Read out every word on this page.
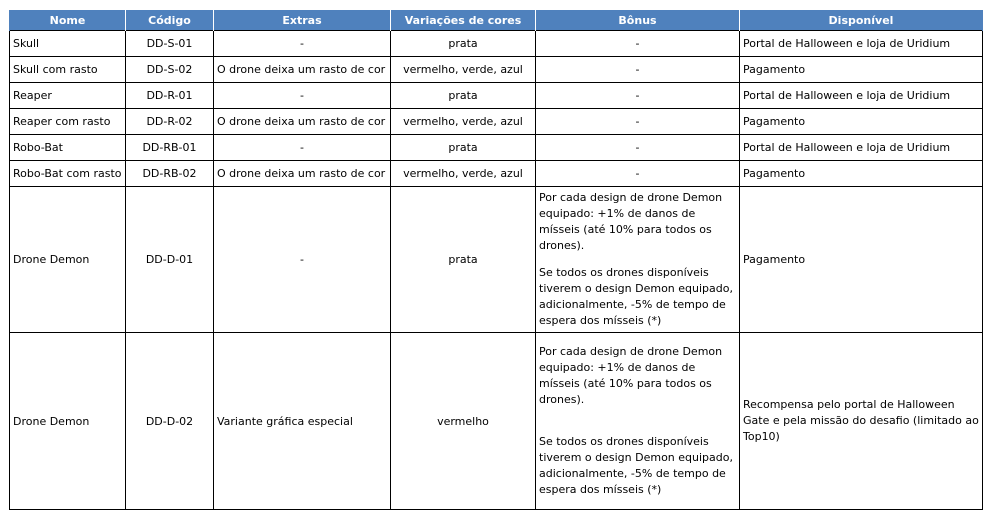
Nome	Código	Extras	Variações de cores	Bônus	Disponível
Skull	DD-S-01	-	prata	-	Portal de Halloween e loja de Uridium
Skull com rasto	DD-S-02	O drone deixa um rasto de cor	vermelho, verde, azul	-	Pagamento
Reaper	DD-R-01	-	prata	-	Portal de Halloween e loja de Uridium
Reaper com rasto	DD-R-02	O drone deixa um rasto de cor	vermelho, verde, azul	-	Pagamento
Robo-Bat	DD-RB-01	-	prata	-	Portal de Halloween e loja de Uridium
Robo-Bat com rasto	DD-RB-02	O drone deixa um rasto de cor	vermelho, verde, azul	-	Pagamento
Drone Demon	DD-D-01	-	prata	Por cada design de drone Demon equipado: +1% de danos de mísseis (até 10% para todos os drones).

Se todos os drones disponíveis tiverem o design Demon equipado, adicionalmente, -5% de tempo de espera dos mísseis (*)	Pagamento
Drone Demon	DD-D-02	Variante gráfica especial	vermelho	Por cada design de drone Demon equipado: +1% de danos de mísseis (até 10% para todos os drones).

Se todos os drones disponíveis tiverem o design Demon equipado, adicionalmente, -5% de tempo de espera dos mísseis (*)	Recompensa pelo portal de Halloween Gate e pela missão do desafio (limitado ao Top10)
